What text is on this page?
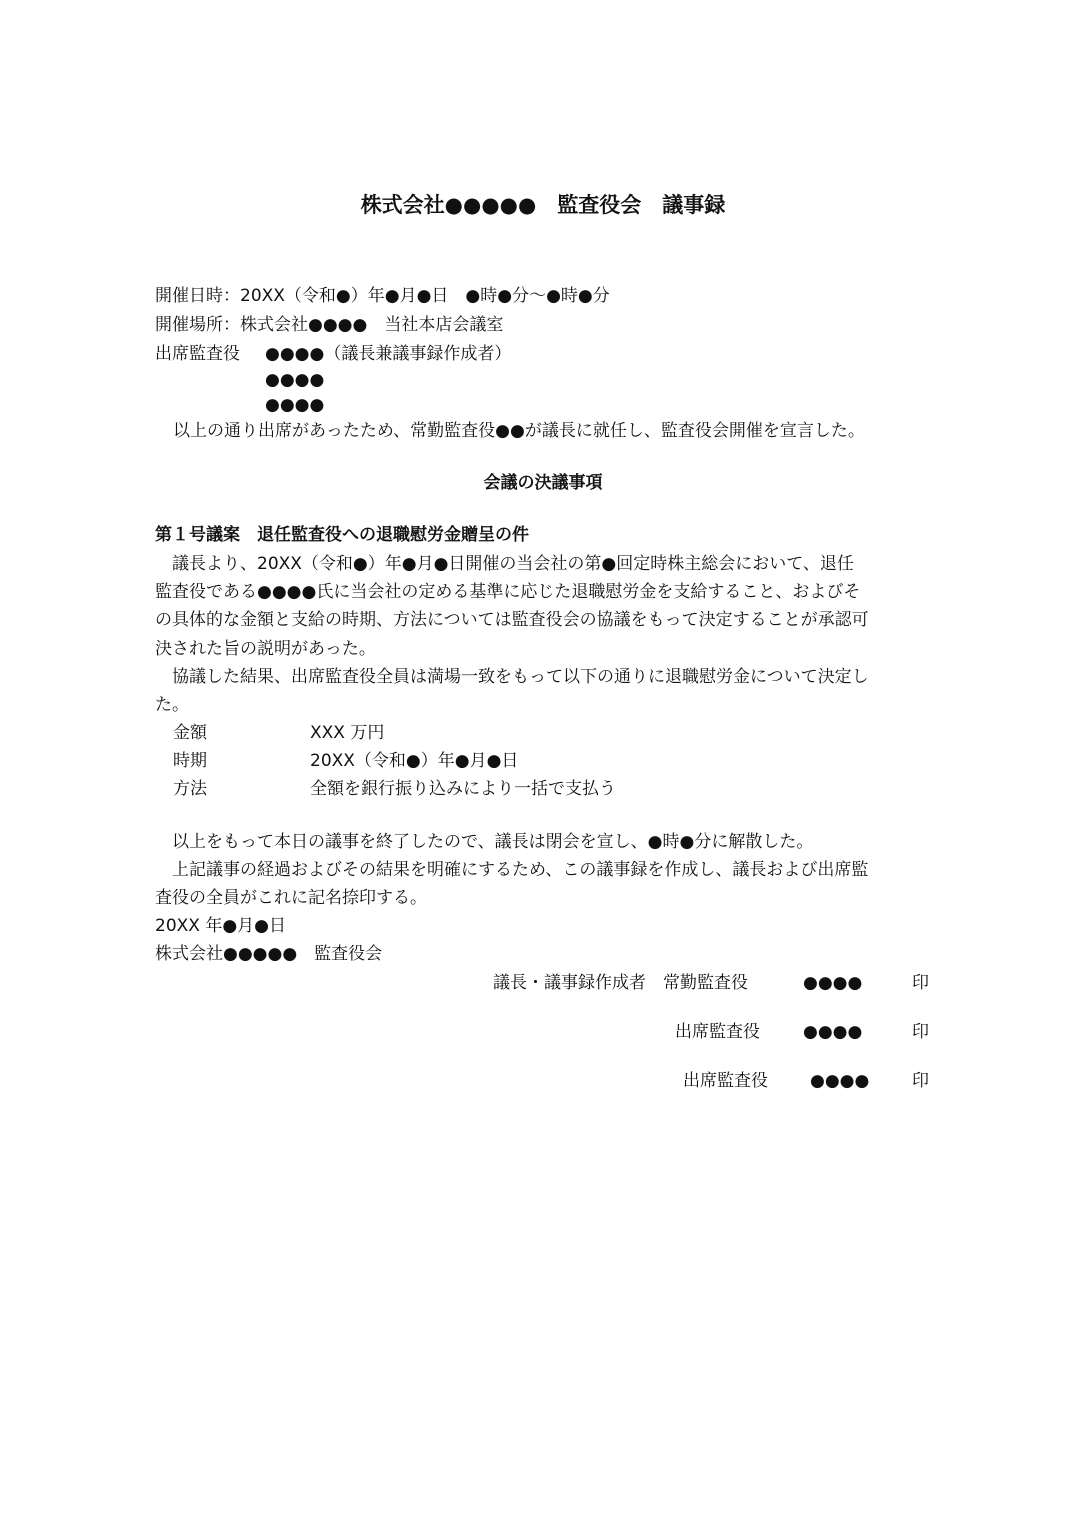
株式会社●●●●●　監査役会　議事録
開催日時：20XX（令和●）年●月●日　●時●分～●時●分
開催場所：株式会社●●●●　当社本店会議室
出席監査役 ●●●●（議長兼議事録作成者）
●●●●
●●●●
以上の通り出席があったため、常勤監査役●●が議長に就任し、監査役会開催を宣言した。
会議の決議事項
第１号議案　退任監査役への退職慰労金贈呈の件
　議長より、20XX（令和●）年●月●日開催の当会社の第●回定時株主総会において、退任
監査役である●●●●氏に当会社の定める基準に応じた退職慰労金を支給すること、およびそ
の具体的な金額と支給の時期、方法については監査役会の協議をもって決定することが承認可
決された旨の説明があった。
　協議した結果、出席監査役全員は満場一致をもって以下の通りに退職慰労金について決定し
た。
金額	XXX 万円
時期	20XX（令和●）年●月●日
方法	全額を銀行振り込みにより一括で支払う
　以上をもって本日の議事を終了したので、議長は閉会を宣し、●時●分に解散した。
　上記議事の経過およびその結果を明確にするため、この議事録を作成し、議長および出席監
査役の全員がこれに記名捺印する。
20XX 年●月●日
株式会社●●●●●　監査役会
議長・議事録作成者　常勤監査役	●●●●	印
出席監査役	●●●●	印
出席監査役 ●●●●	印
